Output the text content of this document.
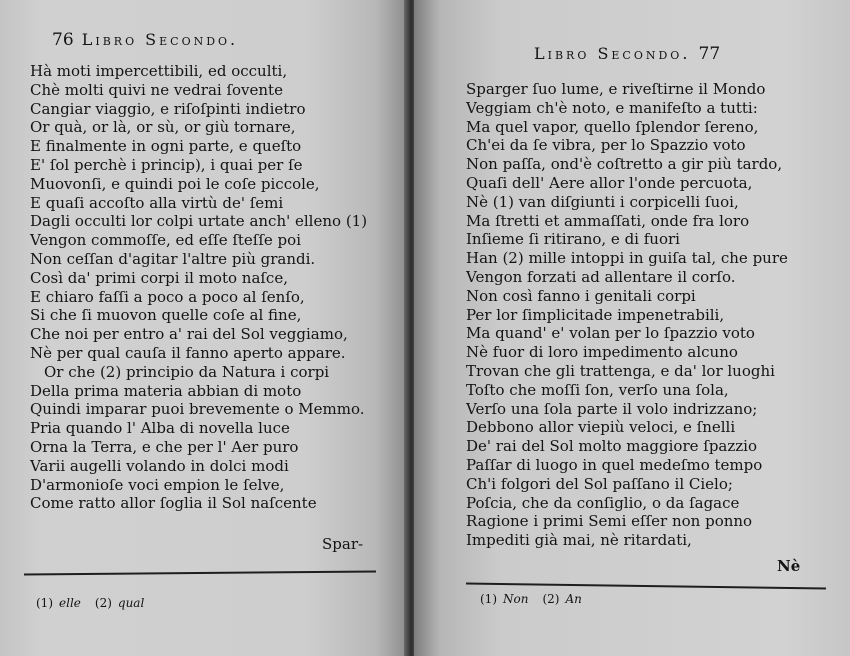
76 Libro Secondo.
Hà moti impercettibili, ed occulti,
Chè molti quivi ne vedrai ſovente
Cangiar viaggio, e riſoſpinti indietro
Or quà, or là, or sù, or giù tornare,
E finalmente in ogni parte, e queſto
E' ſol perchè i princip), i quai per ſe
Muovonſi, e quindi poi le coſe piccole,
E quaſi accoſto alla virtù de' ſemi
Dagli occulti lor colpi urtate anch' elleno (1)
Vengon commoſſe, ed eſſe ſteſſe poi
Non ceſſan d'agitar l'altre più grandi.
Così da' primi corpi il moto naſce,
E chiaro faſſi a poco a poco al ſenſo,
Si che ſi muovon quelle coſe al fine,
Che noi per entro a' rai del Sol veggiamo,
Nè per qual cauſa il fanno aperto appare.
Or che (2) principio da Natura i corpi
Della prima materia abbian di moto
Quindi imparar puoi brevemente o Memmo.
Pria quando l' Alba di novella luce
Orna la Terra, e che per l' Aer puro
Varii augelli volando in dolci modi
D'armonioſe voci empion le ſelve,
Come ratto allor ſoglia il Sol naſcente
Spar-
(1) elle (2) qual
Libro Secondo. 77
Sparger ſuo lume, e riveſtirne il Mondo
Veggiam ch'è noto, e manifeſto a tutti:
Ma quel vapor, quello ſplendor ſereno,
Ch'ei da ſe vibra, per lo Spazzio voto
Non paſſa, ond'è coſtretto a gir più tardo,
Quaſi dell' Aere allor l'onde percuota,
Nè (1) van diſgiunti i corpicelli ſuoi,
Ma ſtretti et ammaſſati, onde fra loro
Inſieme ſi ritirano, e di fuori
Han (2) mille intoppi in guiſa tal, che pure
Vengon forzati ad allentare il corſo.
Non così fanno i genitali corpi
Per lor ſimplicitade impenetrabili,
Ma quand' e' volan per lo ſpazzio voto
Nè fuor di loro impedimento alcuno
Trovan che gli trattenga, e da' lor luoghi
Toſto che moſſi ſon, verſo una ſola,
Verſo una ſola parte il volo indrizzano;
Debbono allor viepiù veloci, e ſnelli
De' rai del Sol molto maggiore ſpazzio
Paſſar di luogo in quel medeſmo tempo
Ch'i folgori del Sol paſſano il Cielo;
Poſcia, che da conſiglio, o da ſagace
Ragione i primi Semi eſſer non ponno
Impediti già mai, nè ritardati,
Nè
(1) Non (2) An
